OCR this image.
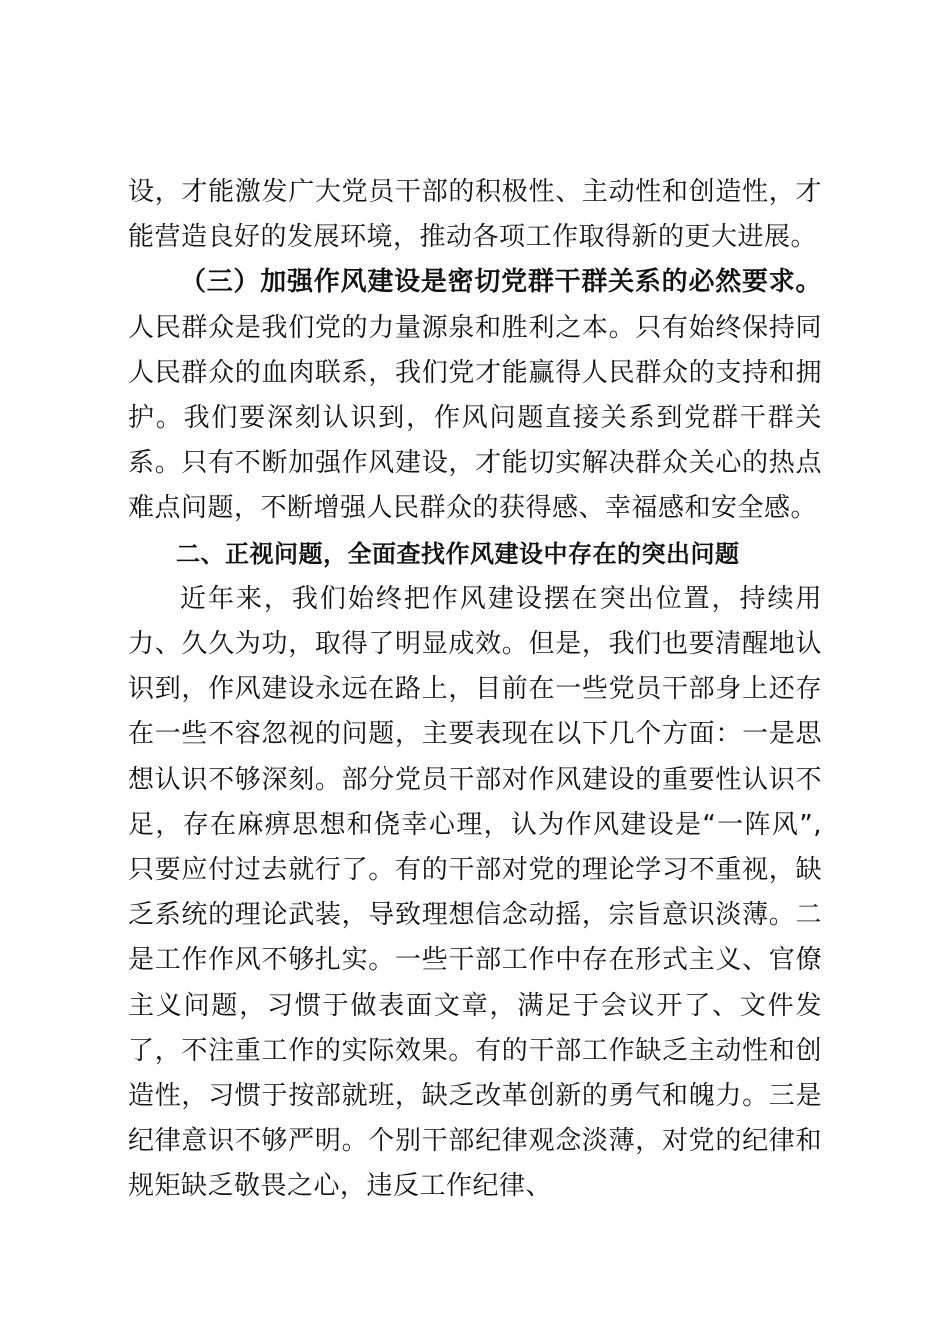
设，才能激发广大党员干部的积极性、主动性和创造性，才能营造良好的发展环境，推动各项工作取得新的更大进展。

（三）加强作风建设是密切党群干群关系的必然要求。人民群众是我们党的力量源泉和胜利之本。只有始终保持同人民群众的血肉联系，我们党才能赢得人民群众的支持和拥护。我们要深刻认识到，作风问题直接关系到党群干群关系。只有不断加强作风建设，才能切实解决群众关心的热点难点问题，不断增强人民群众的获得感、幸福感和安全感。

二、正视问题，全面查找作风建设中存在的突出问题

近年来，我们始终把作风建设摆在突出位置，持续用力、久久为功，取得了明显成效。但是，我们也要清醒地认识到，作风建设永远在路上，目前在一些党员干部身上还存在一些不容忽视的问题，主要表现在以下几个方面：一是思想认识不够深刻。部分党员干部对作风建设的重要性认识不足，存在麻痹思想和侥幸心理，认为作风建设是“一阵风”,只要应付过去就行了。有的干部对党的理论学习不重视，缺乏系统的理论武装，导致理想信念动摇，宗旨意识淡薄。二是工作作风不够扎实。一些干部工作中存在形式主义、官僚主义问题，习惯于做表面文章，满足于会议开了、文件发了，不注重工作的实际效果。有的干部工作缺乏主动性和创造性，习惯于按部就班，缺乏改革创新的勇气和魄力。三是纪律意识不够严明。个别干部纪律观念淡薄，对党的纪律和规矩缺乏敬畏之心，违反工作纪律、
